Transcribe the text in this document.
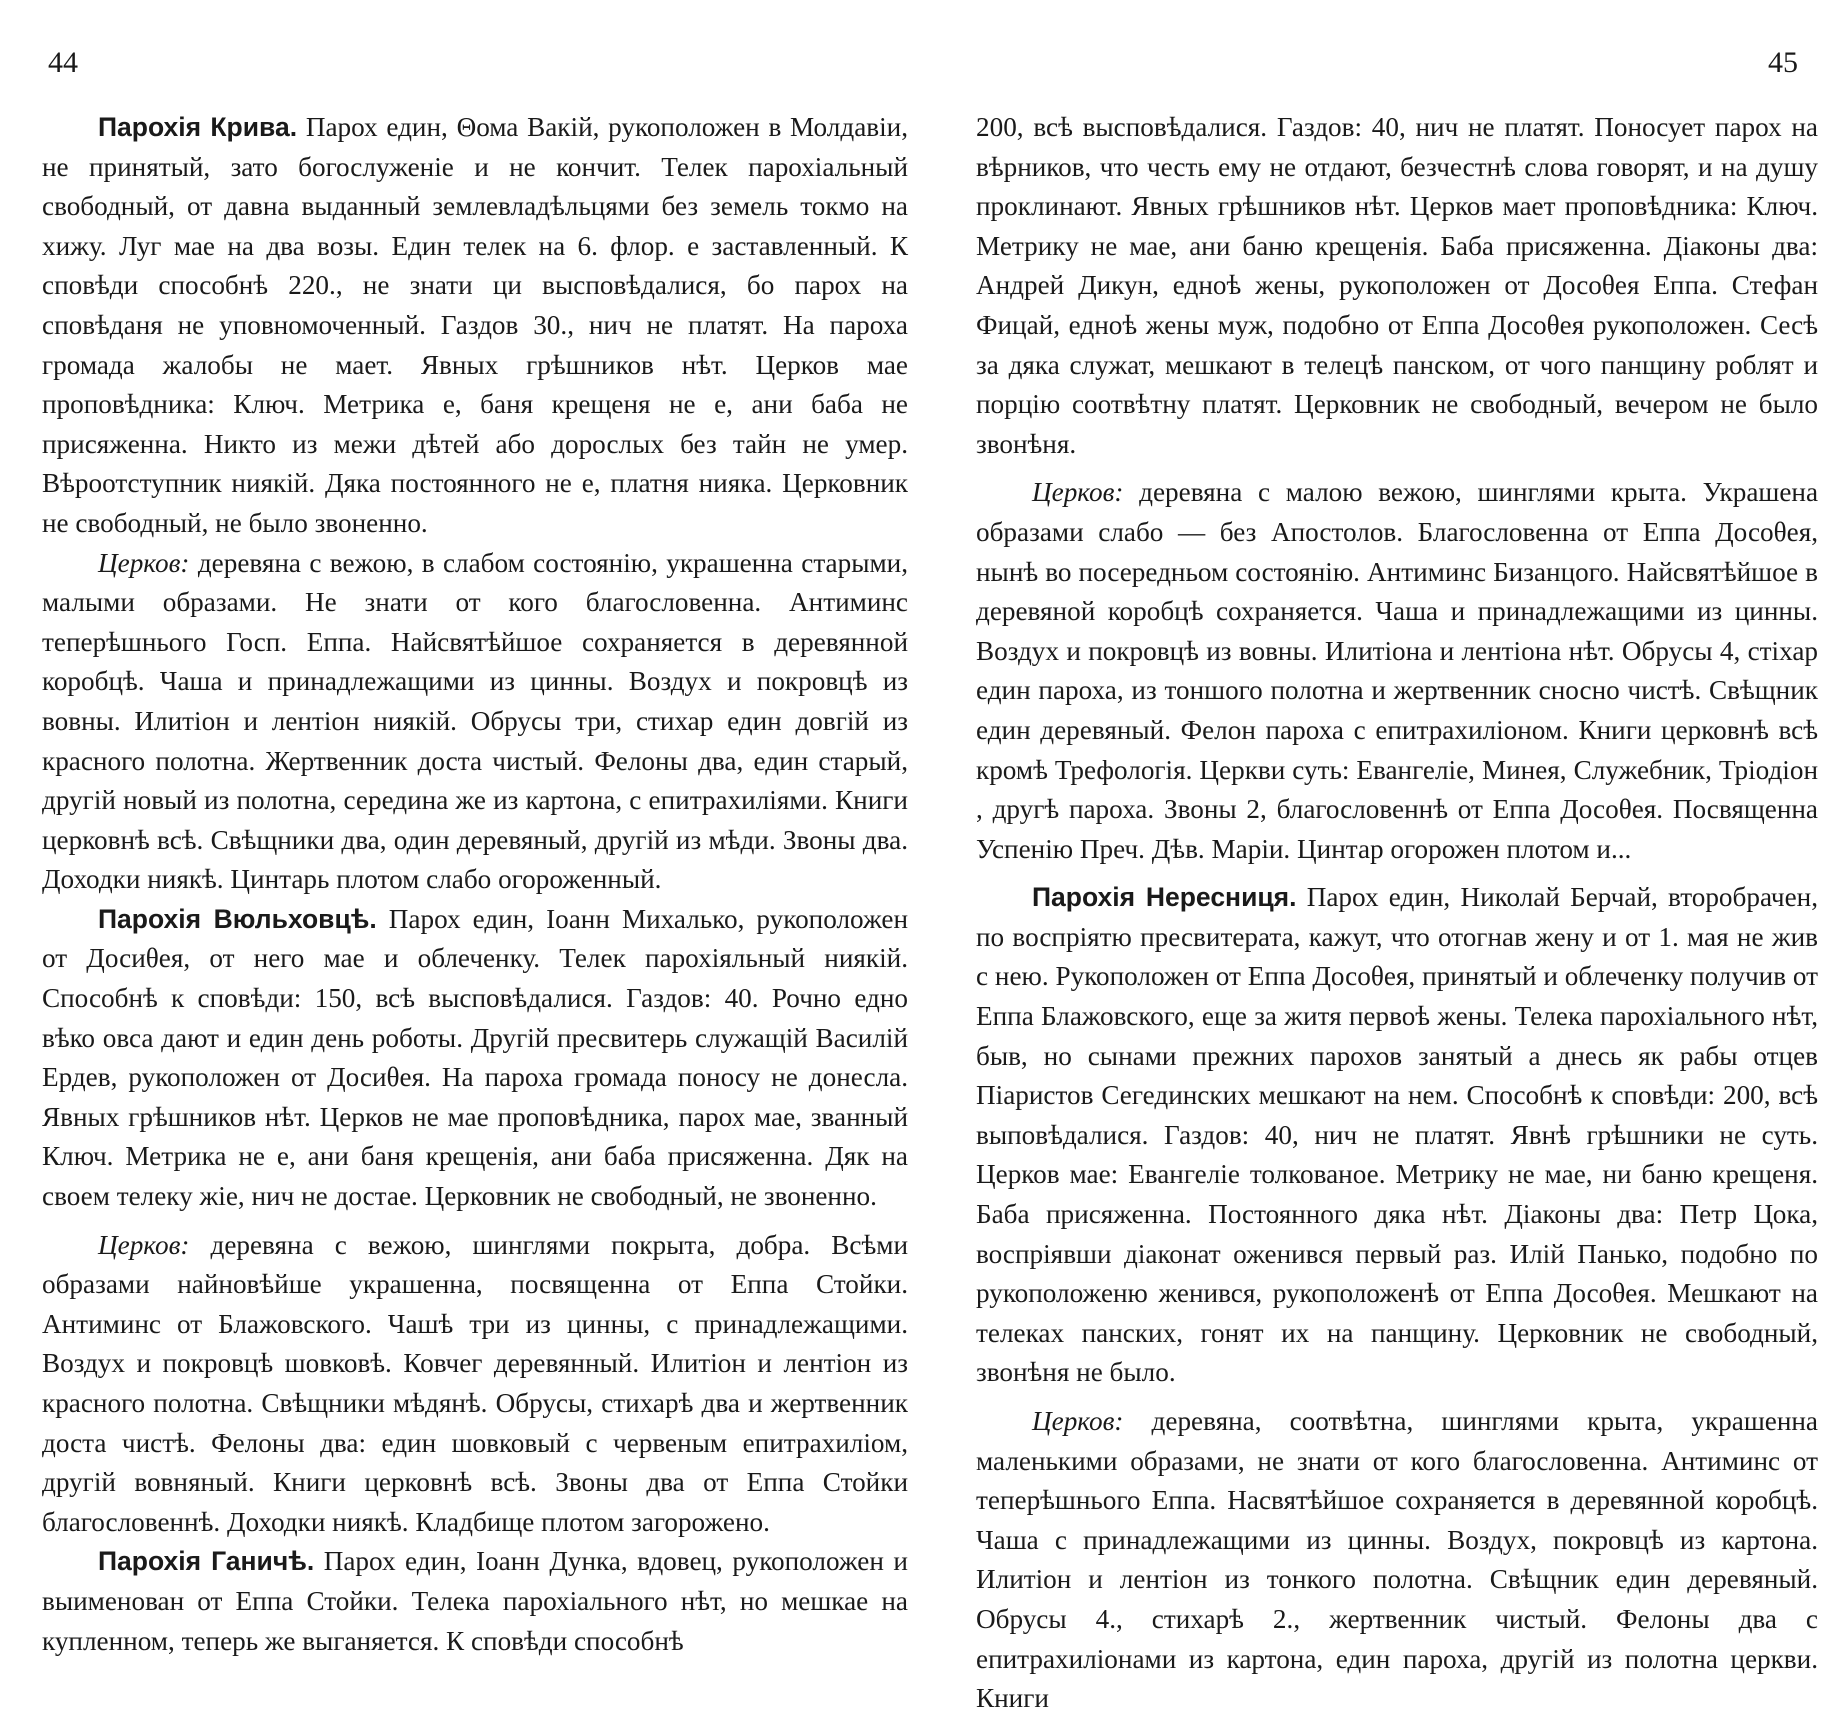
44	45

Парохія Крива. Парох един, Θома Вакій, рукоположен в Молдавіи, не принятый, зато богослуженіе и не кончит. Телек парохіальный свободный, от давна выданный землевладѣльцями без земель токмо на хижу. Луг мае на два возы. Един телек на 6. флор. е заставленный. К сповѣди способнѣ 220., не знати ци выcповѣдалися, бо парох на сповѣданя не уповномоченный. Газдов 30., нич не платят. На пароха громада жалобы не мает. Явных грѣшников нѣт. Церков мае проповѣдника: Ключ. Метрика е, баня крещеня не е, ани баба не присяженна. Никто из межи дѣтей або дорослых без тайн не умер. Вѣроотступник ниякій. Дяка постоянного не е, платня ниякa. Церковник не свободный, не было звоненно.

Церков: деревяна с вежою, в слабом состоянію, украшенна старыми, малыми образами. Не знати от кого благословенна. Антиминс теперѣшньoго Госп. Еппа. Найсвятѣйшое сохраняется в деревянной коробцѣ. Чаша и принадлежащими из цинны. Воздух и покровцѣ из вовны. Илитіон и лентіон ниякій. Обрусы три, стихар един довгій из красного полотна. Жертвенник доста чистый. Фелоны два, един старый, другій новый из полотна, середина же из картона, с епитрахиліями. Книги церковнѣ всѣ. Свѣщники два, один деревяный, другій из мѣди. Звоны два. Доходки ниякѣ. Цинтарь плотом слабо огороженный.

Парохія Вюльховцѣ. Парох един, Іоанн Михалько, рукоположен от Досиθея, от него мае и облеченку. Телек парохіяльный ниякій. Способнѣ к сповѣди: 150, всѣ выcповѣдалися. Газдов: 40. Рочно едно вѣко овса дают и един день роботы. Другій пресвитерь служащій Василій Ердев, рукоположен от Досиθея. На пароха громада поносу не донесла. Явных грѣшников нѣт. Церков не мае проповѣдника, парох мае, званный Ключ. Метрика не е, ани баня крещенія, ани баба присяженна. Дяк на своем телеку жіе, нич не достае. Церковник не свободный, не звоненно.

Церков: деревяна с вежою, шинглями покрыта, добра. Всѣми образами найновѣйше украшенна, посвященна от Еппа Стойки. Антиминс от Блажовского. Чашѣ три из цинны, с принадлежащими. Воздух и покровцѣ шовковѣ. Ковчег деревянный. Илитіон и лентіон из красного полотна. Свѣщники мѣдянѣ. Обрусы, стихарѣ два и жертвенник доста чистѣ. Фелоны два: един шовковый с червеным епитрахиліом, другій вовняный. Книги церковнѣ всѣ. Звоны два от Еппа Стойки благословеннѣ. Доходки ниякѣ. Кладбище плотом загорожено.

Парохія Ганичѣ. Парох един, Іоанн Дунка, вдовец, рукоположен и выименован от Еппа Стойки. Телека парохіального нѣт, но мешкае на купленном, теперь же выганяется. К сповѣди способнѣ

200, всѣ выcповѣдалися. Газдов: 40, нич не платят. Поносует парох на вѣрников, что честь ему не отдают, безчестнѣ слова говорят, и на душу проклинают. Явных грѣшников нѣт. Церков мает проповѣдника: Ключ. Метрику не мае, ани баню крещенія. Баба присяженна. Діаконы два: Андрей Дикун, еднoѣ жены, рукоположен от Досоθея Еппа. Стефан Фицай, еднoѣ жены муж, подобно от Еппа Досоθея рукоположен. Сесѣ за дяка служат, мешкают в телецѣ панском, от чого панщину роблят и порцію соотвѣтну платят. Церковник не свободный, вечером не было звонѣня.

Церков: деревяна с малою вежою, шинглями крыта. Украшена образами слабо — без Апостолов. Благословенна от Еппа Досоθея, нынѣ во посередньом состоянію. Антиминс Бизанцого. Найсвятѣйшое в деревяной коробцѣ сохраняется. Чаша и принадлежащими из цинны. Воздух и покровцѣ из вовны. Илитіона и лентіона нѣт. Обрусы 4, стіхар един пароха, из тоншого полотна и жертвенник сносно чистѣ. Свѣщник един деревяный. Фелон пароха с епитрахиліоном. Книги церковнѣ всѣ кромѣ Трефологія. Церкви суть: Евангеліе, Минея, Служебник, Тріодіон , другѣ пароха. Звоны 2, благословеннѣ от Еппа Досоθея. Посвященна Успенію Преч. Дѣв. Маріи. Цинтар огорожен плотом и...

Парохія Нересниця. Парох един, Николай Берчай, второбрачен, по воспріятю пресвитерата, кажут, что отогнав жену и от 1. мая не жив с нею. Рукоположен от Еппа Досоθея, принятый и облеченку получив от Еппа Блажовского, еще за житя первоѣ жены. Телека парохіального нѣт, быв, но сынами прежних парохов занятый а днесь як рабы отцев Піаристов Сегединских мешкают на нем. Способнѣ к сповѣди: 200, всѣ выповѣдалися. Газдов: 40, нич не платят. Явнѣ грѣшники не суть. Церков мае: Евангеліе толкованое. Метрику не мае, ни баню крещеня. Баба присяженна. Постоянного дяка нѣт. Діаконы два: Петр Цока, воспріявши діаконат оженився первый раз. Илій Панько, подобно по рукоположеню женився, рукоположенѣ от Еппа Досоθея. Мешкают на телеках панских, гонят их на панщину. Церковник не свободный, звонѣня не было.

Церков: деревяна, соотвѣтна, шинглями крыта, украшенна маленькими образами, не знати от кого благословенна. Антиминс от теперѣшньoго Еппа. Насвятѣйшое сохраняется в деревянной коробцѣ. Чаша с принадлежащими из цинны. Воздух, покровцѣ из картона. Илитіон и лентіон из тонкого полотна. Свѣщник един деревяный. Обрусы 4., стихарѣ 2., жертвенник чистый. Фелоны два с епитрахиліонами из картона, един пароха, другій из полотна церкви. Книги
